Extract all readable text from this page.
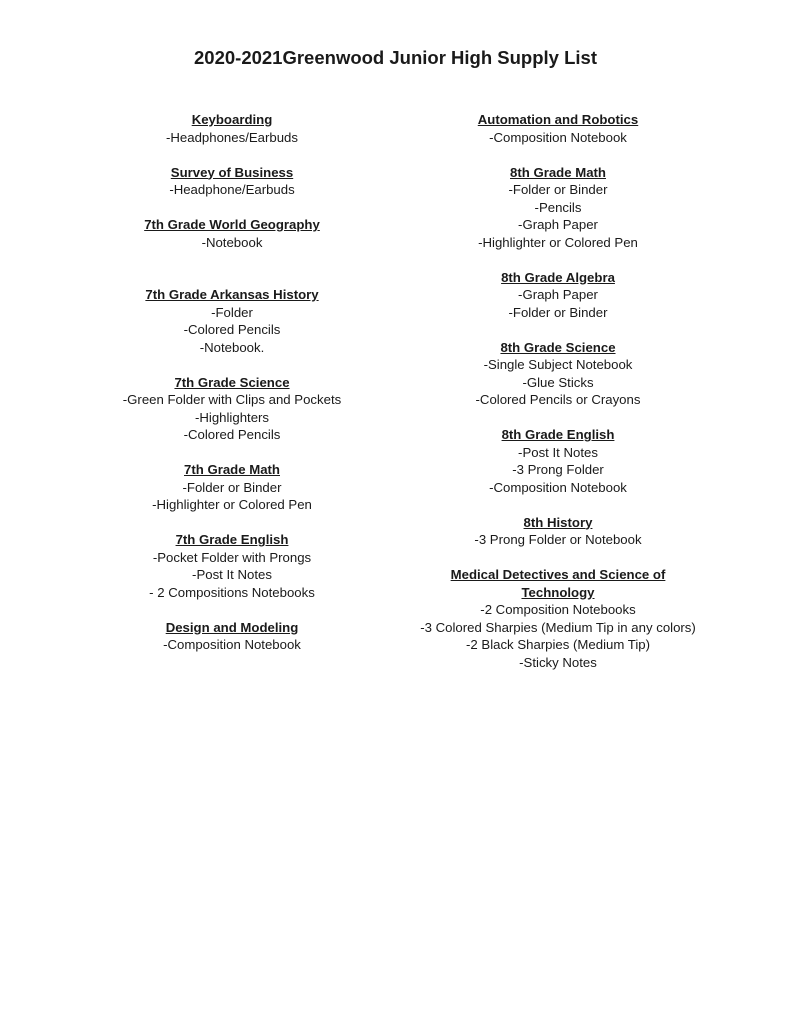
2020-2021Greenwood Junior High Supply List
Keyboarding
-Headphones/Earbuds
Survey of Business
-Headphone/Earbuds
7th Grade World Geography
-Notebook
7th Grade Arkansas History
-Folder
-Colored Pencils
-Notebook.
7th Grade Science
-Green Folder with Clips and Pockets
-Highlighters
-Colored Pencils
7th Grade Math
-Folder or Binder
-Highlighter or Colored Pen
7th Grade English
-Pocket Folder with Prongs
-Post It Notes
- 2 Compositions Notebooks
Design and Modeling
-Composition Notebook
Automation and Robotics
-Composition Notebook
8th Grade Math
-Folder or Binder
-Pencils
-Graph Paper
-Highlighter or Colored Pen
8th Grade Algebra
-Graph Paper
-Folder or Binder
8th Grade Science
-Single Subject Notebook
-Glue Sticks
-Colored Pencils or Crayons
8th Grade English
-Post It Notes
-3 Prong Folder
-Composition Notebook
8th History
-3 Prong Folder or Notebook
Medical Detectives and Science of
Technology
-2 Composition Notebooks
-3 Colored Sharpies (Medium Tip in any colors)
-2 Black Sharpies (Medium Tip)
-Sticky Notes
